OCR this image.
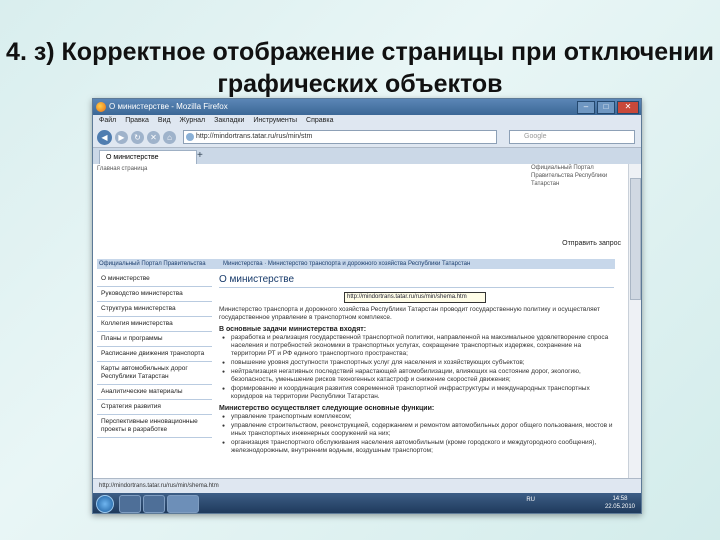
4. з) Корректное отображение страницы при отключении графических объектов
О министерстве - Mozilla Firefox	–	□	✕
Файл Правка Вид Журнал Закладки Инструменты Справка
◀	▶	↻	✕	⌂	http://mindortrans.tatar.ru/rus/min/stm	Google
О министерстве	+
Главная страница	Официальный Портал Правительства Республики Татарстан
Отправить запрос
Официальный Портал Правительства	Министерства · Министерство транспорта и дорожного хозяйства Республики Татарстан
О министерстве
Руководство министерства
Структура министерства
Коллегия министерства
Планы и программы
Расписание движения транспорта
Карты автомобильных дорог Республики Татарстан
Аналитические материалы
Стратегия развития
Перспективные инновационные проекты в разработке
О министерстве
http://mindortrans.tatar.ru/rus/min/shema.htm
Министерство транспорта и дорожного хозяйства Республики Татарстан проводит государственную политику и осуществляет государственное управление в транспортном комплексе.
В основные задачи министерства входят:
● разработка и реализация государственной транспортной политики, направленной на максимальное удовлетворение спроса населения и потребностей экономики в транспортных услугах, сокращение транспортных издержек, сохранение на территории РТ и РФ единого транспортного пространства;
● повышение уровня доступности транспортных услуг для населения и хозяйствующих субъектов;
● нейтрализация негативных последствий нарастающей автомобилизации, влияющих на состояние дорог, экологию, безопасность, уменьшение рисков техногенных катастроф и снижение скоростей движения;
● формирование и координация развития современной транспортной инфраструктуры и международных транспортных коридоров на территории Республики Татарстан.
Министерство осуществляет следующие основные функции:
● управление транспортным комплексом;
● управление строительством, реконструкцией, содержанием и ремонтом автомобильных дорог общего пользования, мостов и иных транспортных инженерных сооружений на них;
● организация транспортного обслуживания населения автомобильным (кроме городского и междугородного сообщения), железнодорожным, внутренним водным, воздушным транспортом;
http://mindortrans.tatar.ru/rus/min/shema.htm
RU	14:58
22.05.2010
